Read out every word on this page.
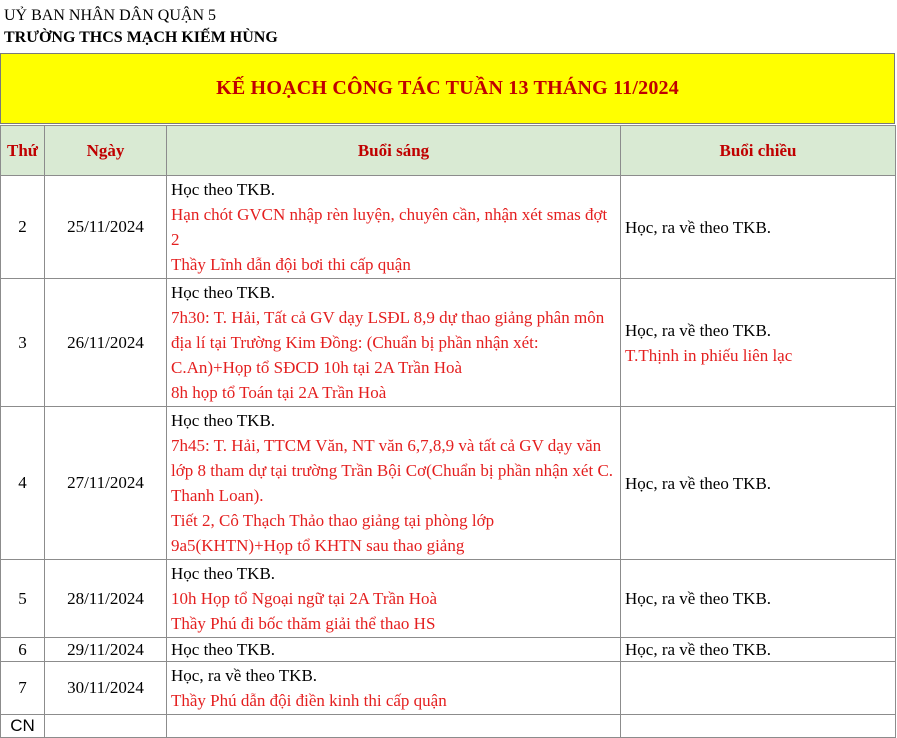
UỶ BAN NHÂN DÂN QUẬN 5
TRƯỜNG THCS MẠCH KIẾM HÙNG
KẾ HOẠCH CÔNG TÁC TUẦN 13 THÁNG 11/2024
Thứ	Ngày	Buổi sáng	Buổi chiều
2	25/11/2024	Học theo TKB.
Hạn chót GVCN nhập rèn luyện, chuyên cần, nhận xét smas đợt 2
Thầy Lĩnh dẫn đội bơi thi cấp quận	Học, ra về theo TKB.

3	26/11/2024	Học theo TKB.
7h30: T. Hải, Tất cả GV dạy LSĐL 8,9 dự thao giảng phân môn địa lí tại Trường Kim Đồng: (Chuẩn bị phần nhận xét: C.An)+Họp tổ SĐCD 10h tại 2A Trần Hoà
8h họp tổ Toán tại 2A Trần Hoà	Học, ra về theo TKB.
T.Thịnh in phiếu liên lạc

4	27/11/2024	Học theo TKB.
7h45: T. Hải, TTCM Văn, NT văn 6,7,8,9 và tất cả GV dạy văn lớp 8 tham dự tại trường Trần Bội Cơ(Chuẩn bị phần nhận xét C. Thanh Loan).
Tiết 2, Cô Thạch Thảo thao giảng tại phòng lớp 9a5(KHTN)+Họp tổ KHTN sau thao giảng	Học, ra về theo TKB.

5	28/11/2024	Học theo TKB.
10h Họp tổ Ngoại ngữ tại 2A Trần Hoà
Thầy Phú đi bốc thăm giải thể thao HS	Học, ra về theo TKB.

6	29/11/2024	Học theo TKB.	Học, ra về theo TKB.

7	30/11/2024	Học, ra về theo TKB.
Thầy Phú dẫn đội điền kinh thi cấp quận	

CN			
